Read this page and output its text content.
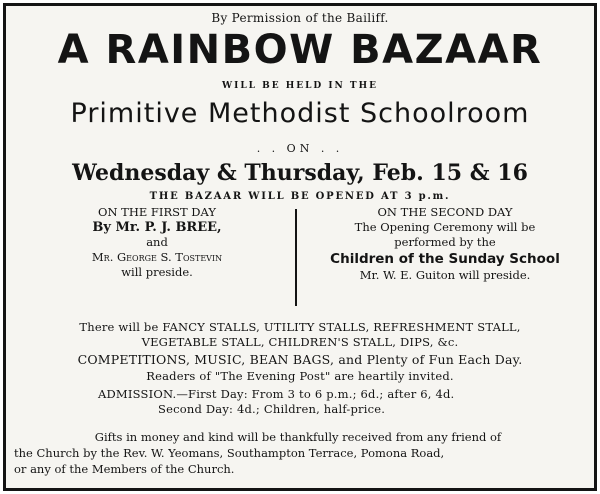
By Permission of the Bailiff.
A RAINBOW BAZAAR
WILL BE HELD IN THE
Primitive Methodist Schoolroom
. . ON . .
Wednesday & Thursday, Feb. 15 & 16
THE BAZAAR WILL BE OPENED AT 3 p.m.
ON THE FIRST DAY
By Mr. P. J. BREE,
and
Mr. George S. Tostevin
will preside.
ON THE SECOND DAY
The Opening Ceremony will be
performed by the
Children of the Sunday School
Mr. W. E. Guiton will preside.
There will be FANCY STALLS, UTILITY STALLS, REFRESHMENT STALL,
VEGETABLE STALL, CHILDREN'S STALL, DIPS, &c.
COMPETITIONS, MUSIC, BEAN BAGS, and Plenty of Fun Each Day.
Readers of "The Evening Post" are heartily invited.
ADMISSION.—First Day: From 3 to 6 p.m.; 6d.; after 6, 4d.
Second Day: 4d.; Children, half-price.
Gifts in money and kind will be thankfully received from any friend of
the Church by the Rev. W. Yeomans, Southampton Terrace, Pomona Road,
or any of the Members of the Church.
